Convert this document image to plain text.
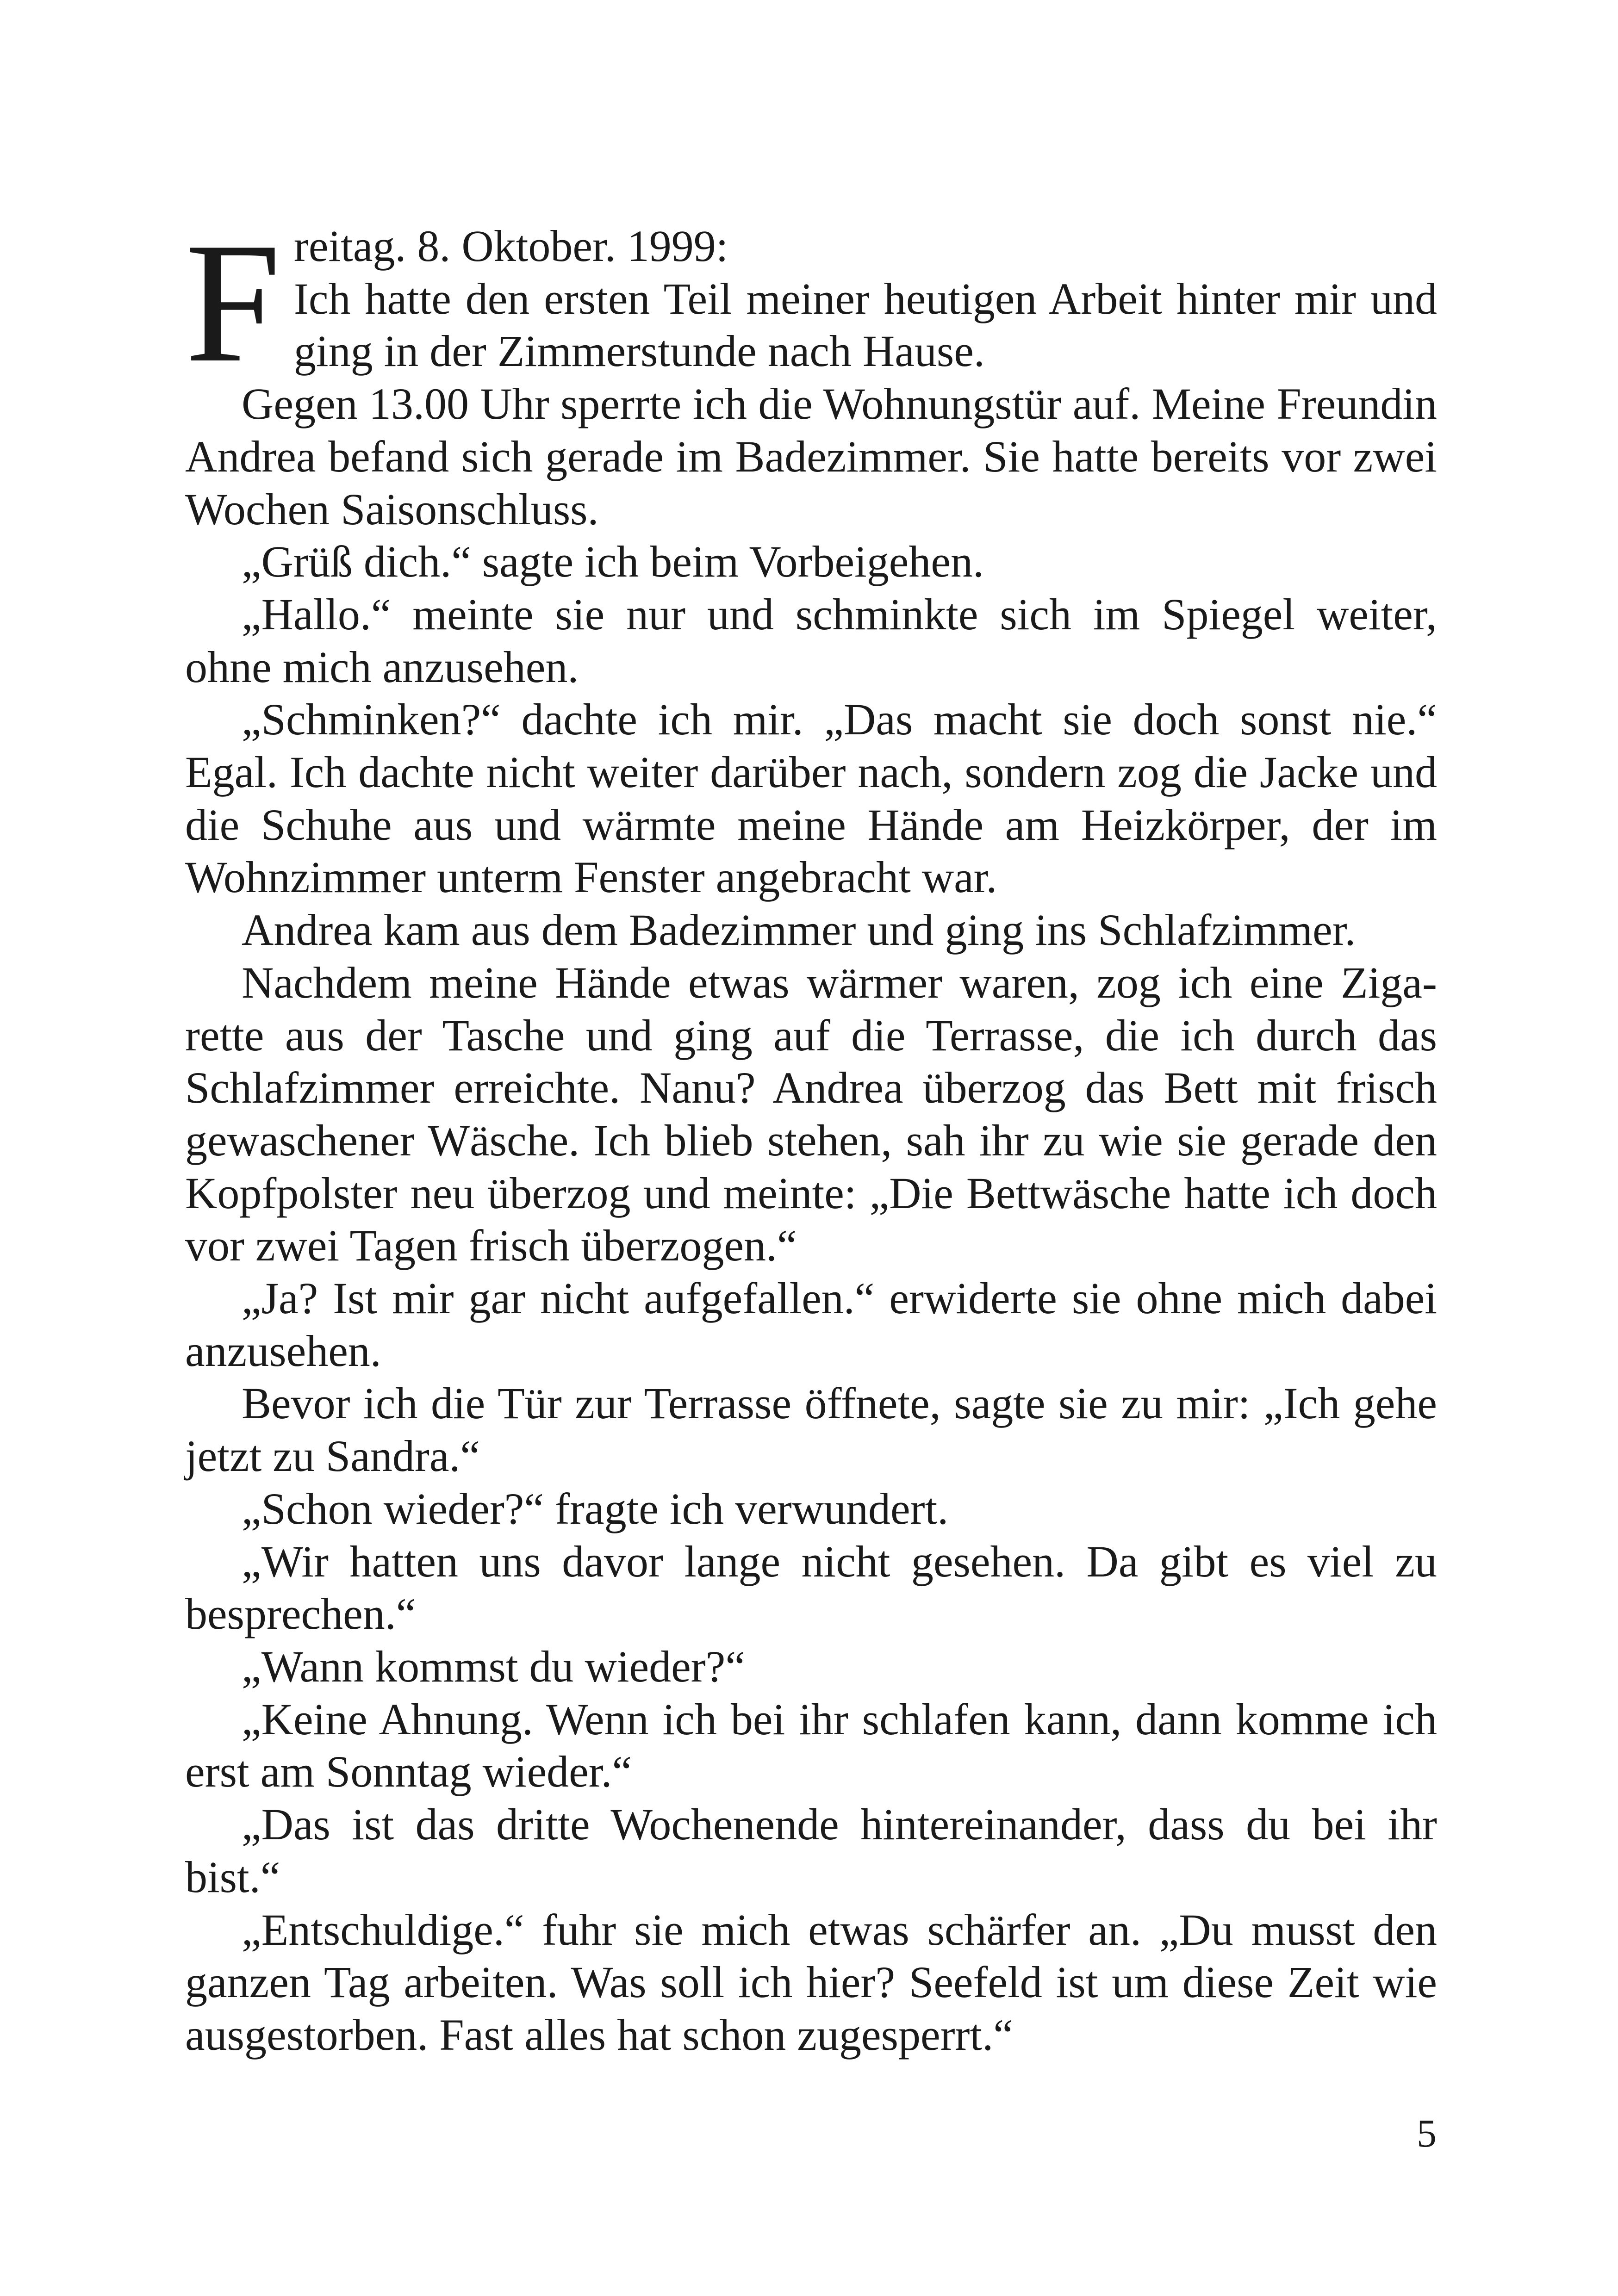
Freitag. 8. Oktober. 1999:
Ich hatte den ersten Teil meiner heutigen Arbeit hinter mir und ging in der Zimmerstunde nach Hause.

Gegen 13.00 Uhr sperrte ich die Wohnungstür auf. Meine Freundin Andrea befand sich gerade im Badezimmer. Sie hatte bereits vor zwei Wochen Saisonschluss.

„Grüß dich.“ sagte ich beim Vorbeigehen.

„Hallo.“ meinte sie nur und schminkte sich im Spiegel weiter, ohne mich anzusehen.

„Schminken?“ dachte ich mir. „Das macht sie doch sonst nie.“ Egal. Ich dachte nicht weiter darüber nach, sondern zog die Jacke und die Schuhe aus und wärmte meine Hände am Heizkörper, der im Wohnzimmer unterm Fenster angebracht war.

Andrea kam aus dem Badezimmer und ging ins Schlafzimmer.

Nachdem meine Hände etwas wärmer waren, zog ich eine Zigarette aus der Tasche und ging auf die Terrasse, die ich durch das Schlafzimmer erreichte. Nanu? Andrea überzog das Bett mit frisch gewaschener Wäsche. Ich blieb stehen, sah ihr zu wie sie gerade den Kopfpolster neu überzog und meinte: „Die Bettwäsche hatte ich doch vor zwei Tagen frisch überzogen.“

„Ja? Ist mir gar nicht aufgefallen.“ erwiderte sie ohne mich dabei anzusehen.

Bevor ich die Tür zur Terrasse öffnete, sagte sie zu mir: „Ich gehe jetzt zu Sandra.“

„Schon wieder?“ fragte ich verwundert.

„Wir hatten uns davor lange nicht gesehen. Da gibt es viel zu besprechen.“

„Wann kommst du wieder?“

„Keine Ahnung. Wenn ich bei ihr schlafen kann, dann komme ich erst am Sonntag wieder.“

„Das ist das dritte Wochenende hintereinander, dass du bei ihr bist.“

„Entschuldige.“ fuhr sie mich etwas schärfer an. „Du musst den ganzen Tag arbeiten. Was soll ich hier? Seefeld ist um diese Zeit wie ausgestorben. Fast alles hat schon zugesperrt.“

5
